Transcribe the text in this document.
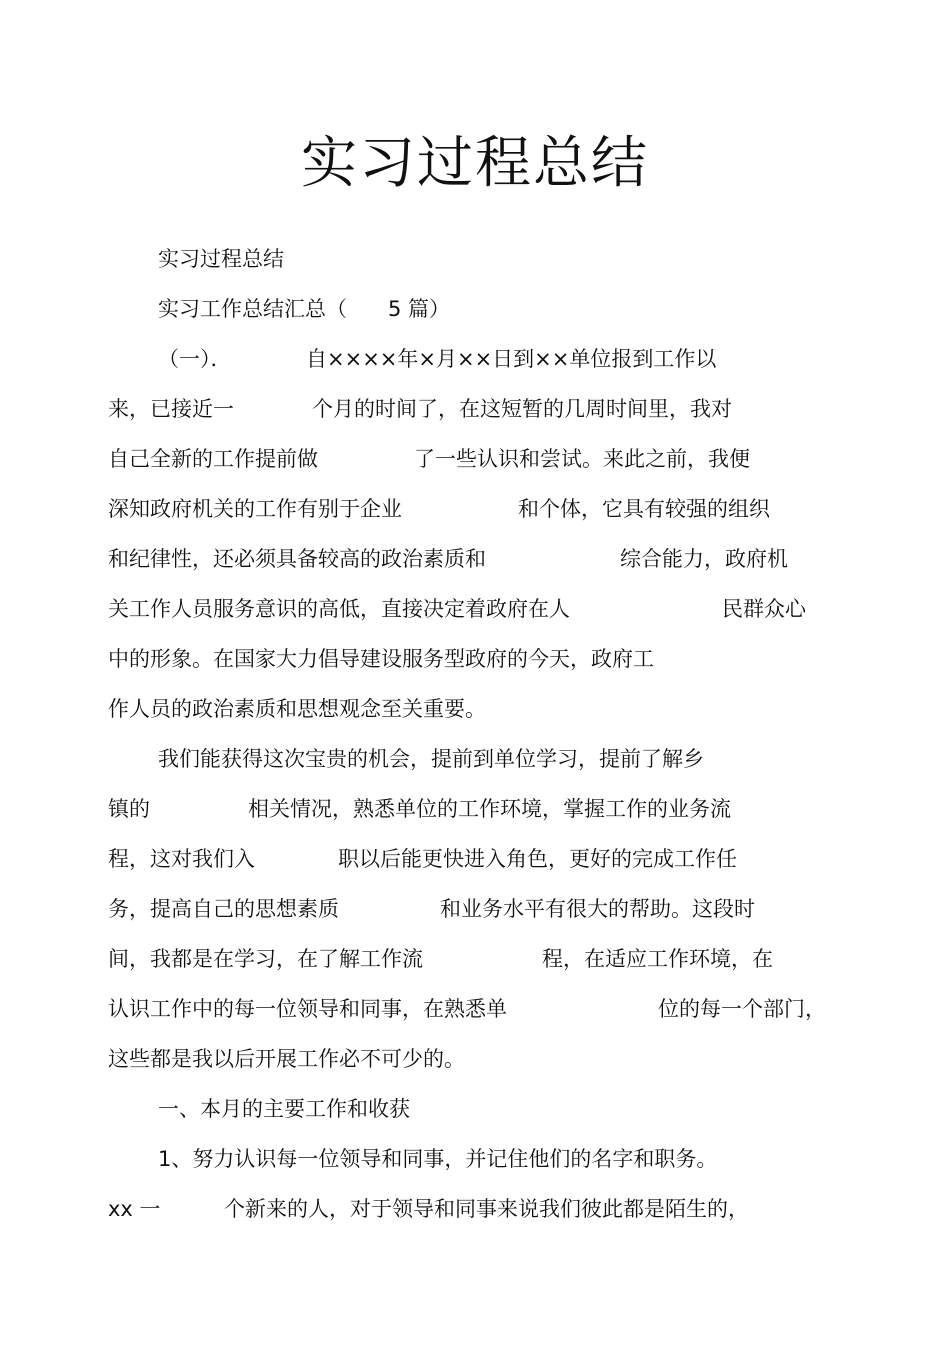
实习过程总结
实习过程总结
实习工作总结汇总（ 5 篇）
（一）．	自××××年×月××日到××单位报到工作以
来，已接近一	个月的时间了，在这短暂的几周时间里，我对
自己全新的工作提前做	了一些认识和尝试。来此之前，我便
深知政府机关的工作有别于企业	和个体，它具有较强的组织
和纪律性，还必须具备较高的政治素质和	综合能力，政府机
关工作人员服务意识的高低，直接决定着政府在人	民群众心
中的形象。在国家大力倡导建设服务型政府的今天，政府工
作人员的政治素质和思想观念至关重要。
我们能获得这次宝贵的机会，提前到单位学习，提前了解乡
镇的	相关情况，熟悉单位的工作环境，掌握工作的业务流
程，这对我们入	职以后能更快进入角色，更好的完成工作任
务，提高自己的思想素质	和业务水平有很大的帮助。这段时
间，我都是在学习，在了解工作流	程，在适应工作环境，在
认识工作中的每一位领导和同事，在熟悉单	位的每一个部门，
这些都是我以后开展工作必不可少的。
一、本月的主要工作和收获
1、努力认识每一位领导和同事，并记住他们的名字和职务。
xx 一	个新来的人，对于领导和同事来说我们彼此都是陌生的，
